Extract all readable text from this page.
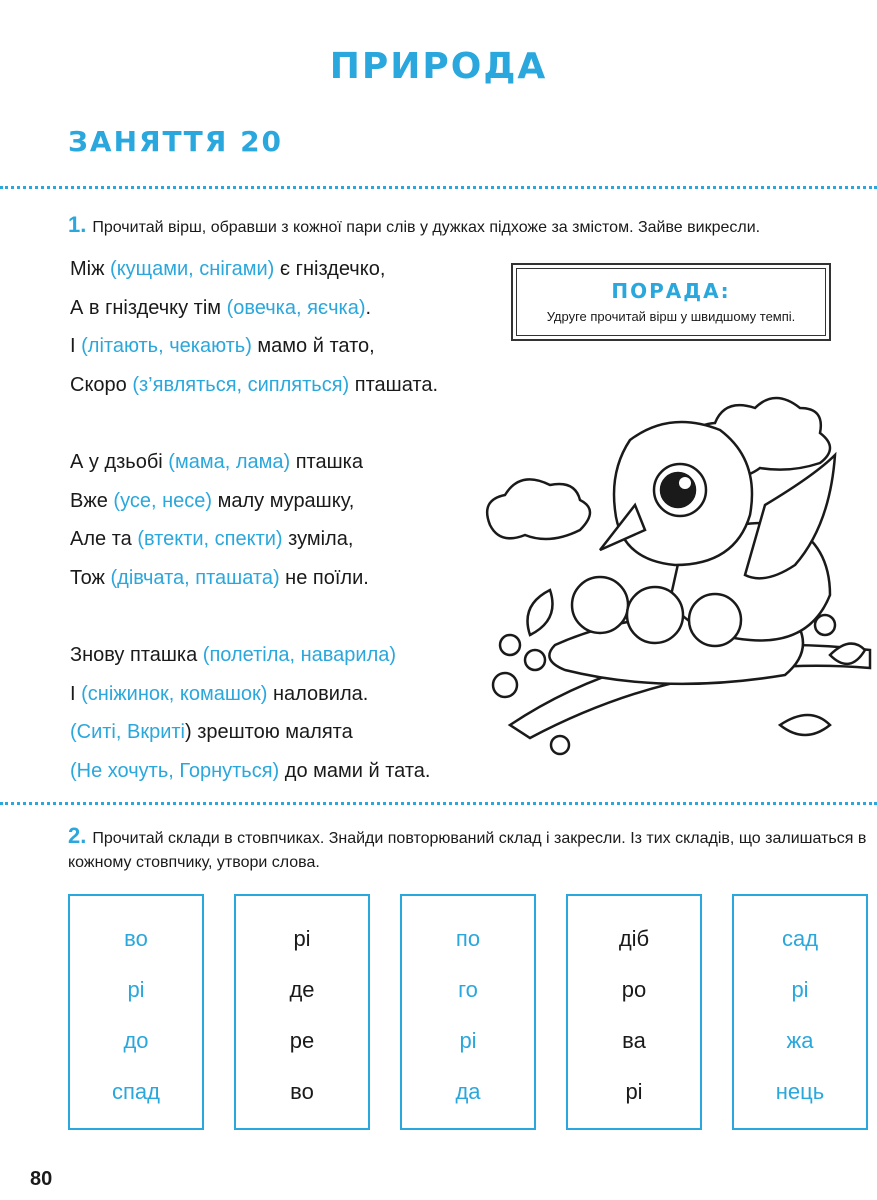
ПРИРОДА
ЗАНЯТТЯ 20
1. Прочитай вірш, обравши з кожної пари слів у дужках підхоже за змістом. Зайве викресли.
Між (кущами, снігами) є гніздечко,
А в гніздечку тім (овечка, яєчка).
І (літають, чекають) мамо й тато,
Скоро (з’являться, сипляться) пташата.
А у дзьобі (мама, лама) пташка
Вже (усе, несе) малу мурашку,
Але та (втекти, спекти) зуміла,
Тож (дівчата, пташата) не поїли.
Знову пташка (полетіла, наварила)
І (сніжинок, комашок) наловила.
(Ситі, Вкриті) зрештою малята
(Не хочуть, Горнуться) до мами й тата.
ПОРАДА:
Удруге прочитай вірш у швидшому темпі.
2. Прочитай склади в стовпчиках. Знайди повторюваний склад і закресли. Із тих складів, що залишаться в кожному стовпчику, утвори слова.
во
рі
до
спад
рі
де
ре
во
по
го
рі
да
діб
ро
ва
рі
сад
рі
жа
нець
80
